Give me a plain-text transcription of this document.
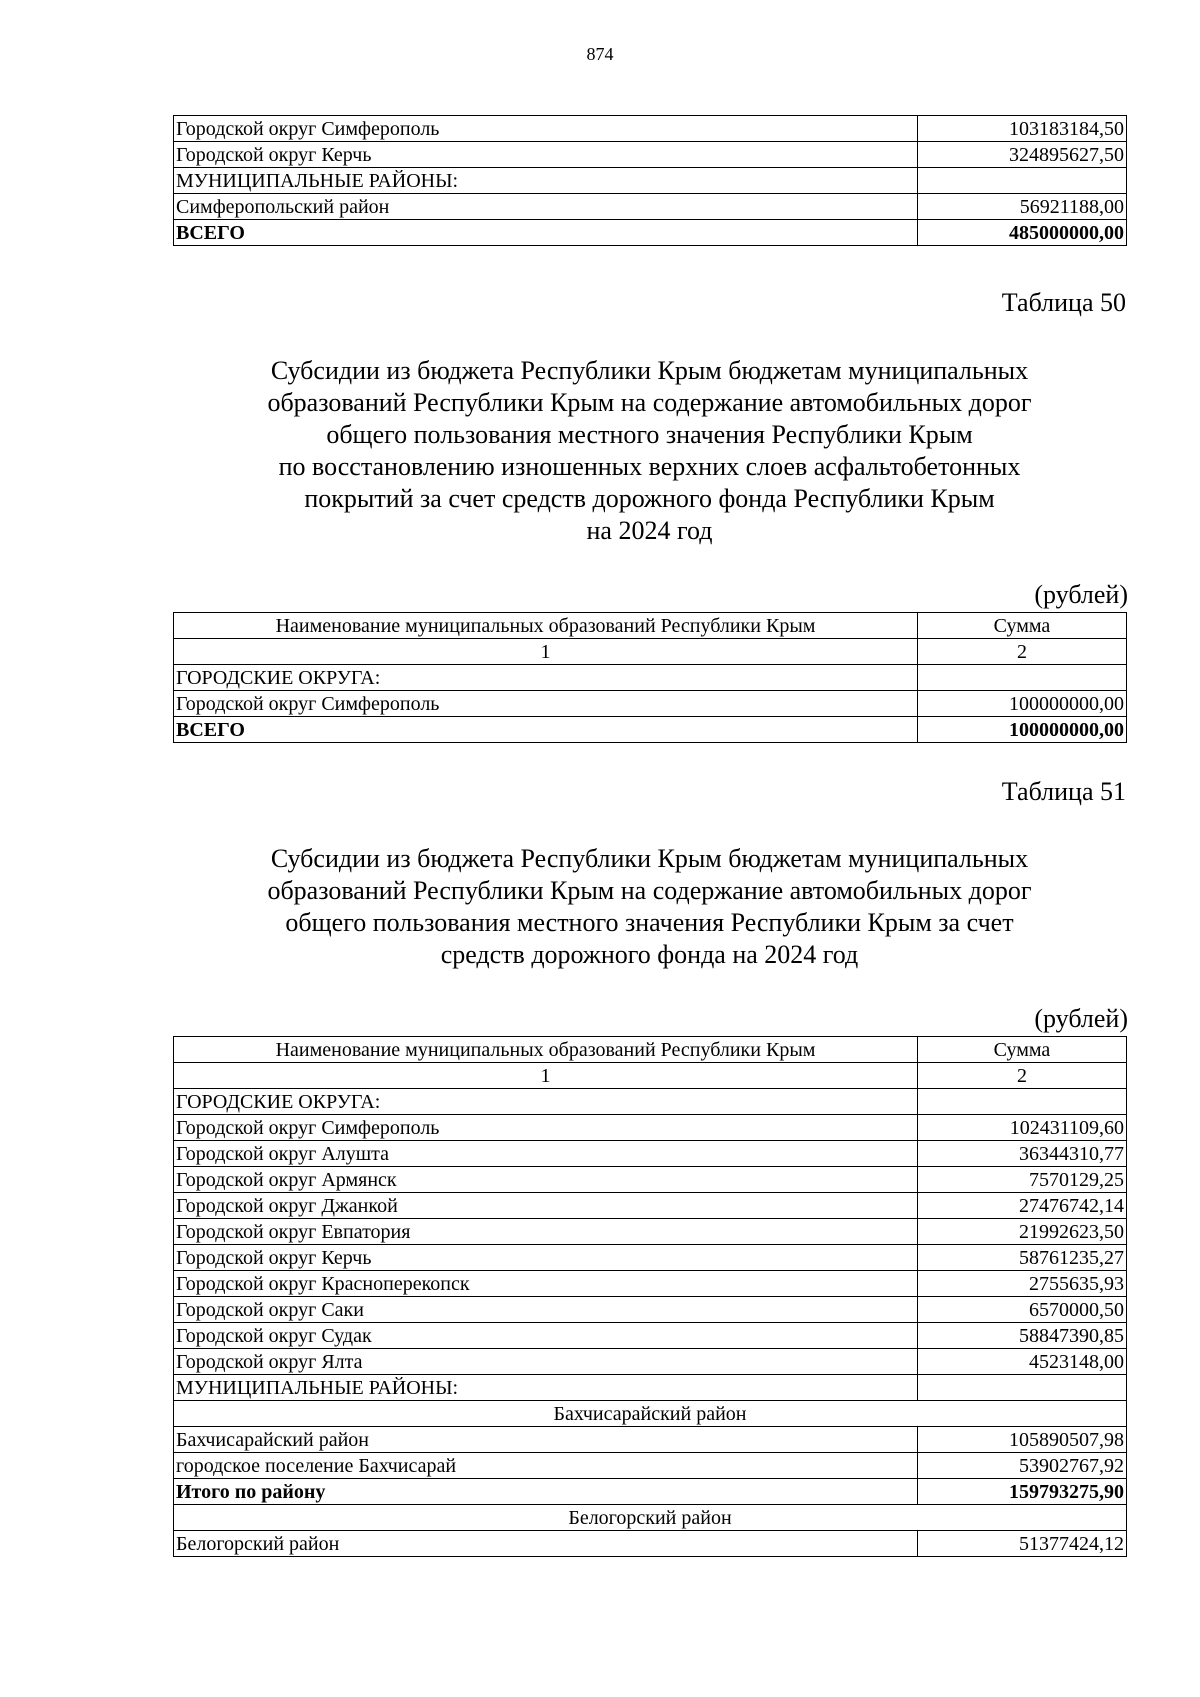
874
Городской округ Симферополь	103183184,50
Городской округ Керчь	324895627,50
МУНИЦИПАЛЬНЫЕ РАЙОНЫ:	
Симферопольский район	56921188,00
ВСЕГО	485000000,00
Таблица 50
Субсидии из бюджета Республики Крым бюджетам муниципальных
образований Республики Крым на содержание автомобильных дорог
общего пользования местного значения Республики Крым
по восстановлению изношенных верхних слоев асфальтобетонных
покрытий за счет средств дорожного фонда Республики Крым
на 2024 год
(рублей)
Наименование муниципальных образований Республики Крым	Сумма
1	2
ГОРОДСКИЕ ОКРУГА:	
Городской округ Симферополь	100000000,00
ВСЕГО	100000000,00
Таблица 51
Субсидии из бюджета Республики Крым бюджетам муниципальных
образований Республики Крым на содержание автомобильных дорог
общего пользования местного значения Республики Крым за счет
средств дорожного фонда на 2024 год
(рублей)
Наименование муниципальных образований Республики Крым	Сумма
1	2
ГОРОДСКИЕ ОКРУГА:	
Городской округ Симферополь	102431109,60
Городской округ Алушта	36344310,77
Городской округ Армянск	7570129,25
Городской округ Джанкой	27476742,14
Городской округ Евпатория	21992623,50
Городской округ Керчь	58761235,27
Городской округ Красноперекопск	2755635,93
Городской округ Саки	6570000,50
Городской округ Судак	58847390,85
Городской округ Ялта	4523148,00
МУНИЦИПАЛЬНЫЕ РАЙОНЫ:	
Бахчисарайский район	
Бахчисарайский район	105890507,98
городское поселение Бахчисарай	53902767,92
Итого по району	159793275,90
Белогорский район	
Белогорский район	51377424,12
